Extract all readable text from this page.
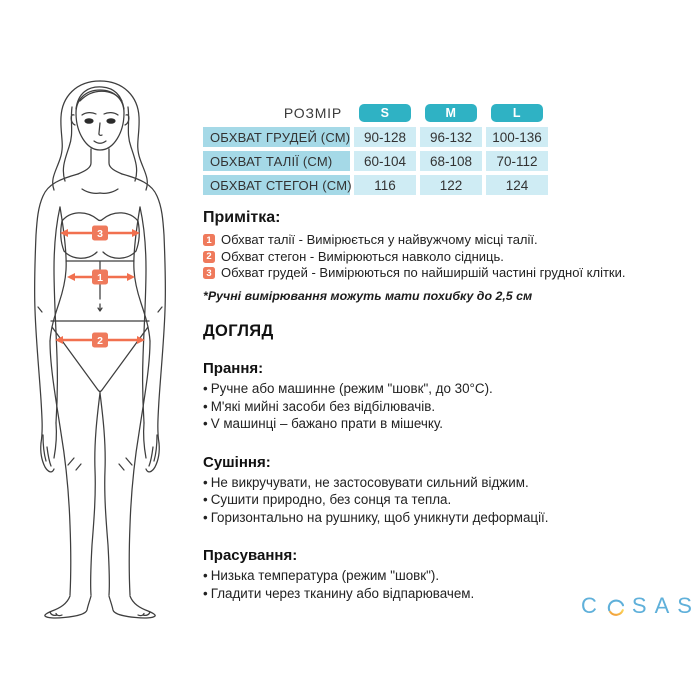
3
1
2
РОЗМІР	S	M	L
ОБХВАТ ГРУДЕЙ (СМ)	90-128	96-132	100-136
ОБХВАТ ТАЛІЇ (СМ)	60-104	68-108	70-112
ОБХВАТ СТЕГОН (СМ)	116	122	124
Примітка:
1 Обхват талії - Вимірюється у найвужчому місці талії.
2 Обхват стегон - Вимірюються навколо сідниць.
3 Обхват грудей - Вимірюються по найширшій частині грудної клітки.

*Ручні вимірювання можуть мати похибку до 2,5 см

ДОГЛЯД
Прання:
• Ручне або машинне (режим "шовк", до 30°C).
• М'які мийні засоби без відбілювачів.
• V машинці – бажано прати в мішечку.
Сушіння:
• Не викручувати, не застосовувати сильний віджим.
• Сушити природно, без сонця та тепла.
• Горизонтально на рушнику, щоб уникнути деформації.
Прасування:
• Низька температура (режим "шовк").
• Гладити через тканину або відпарювачем.	C SAS
